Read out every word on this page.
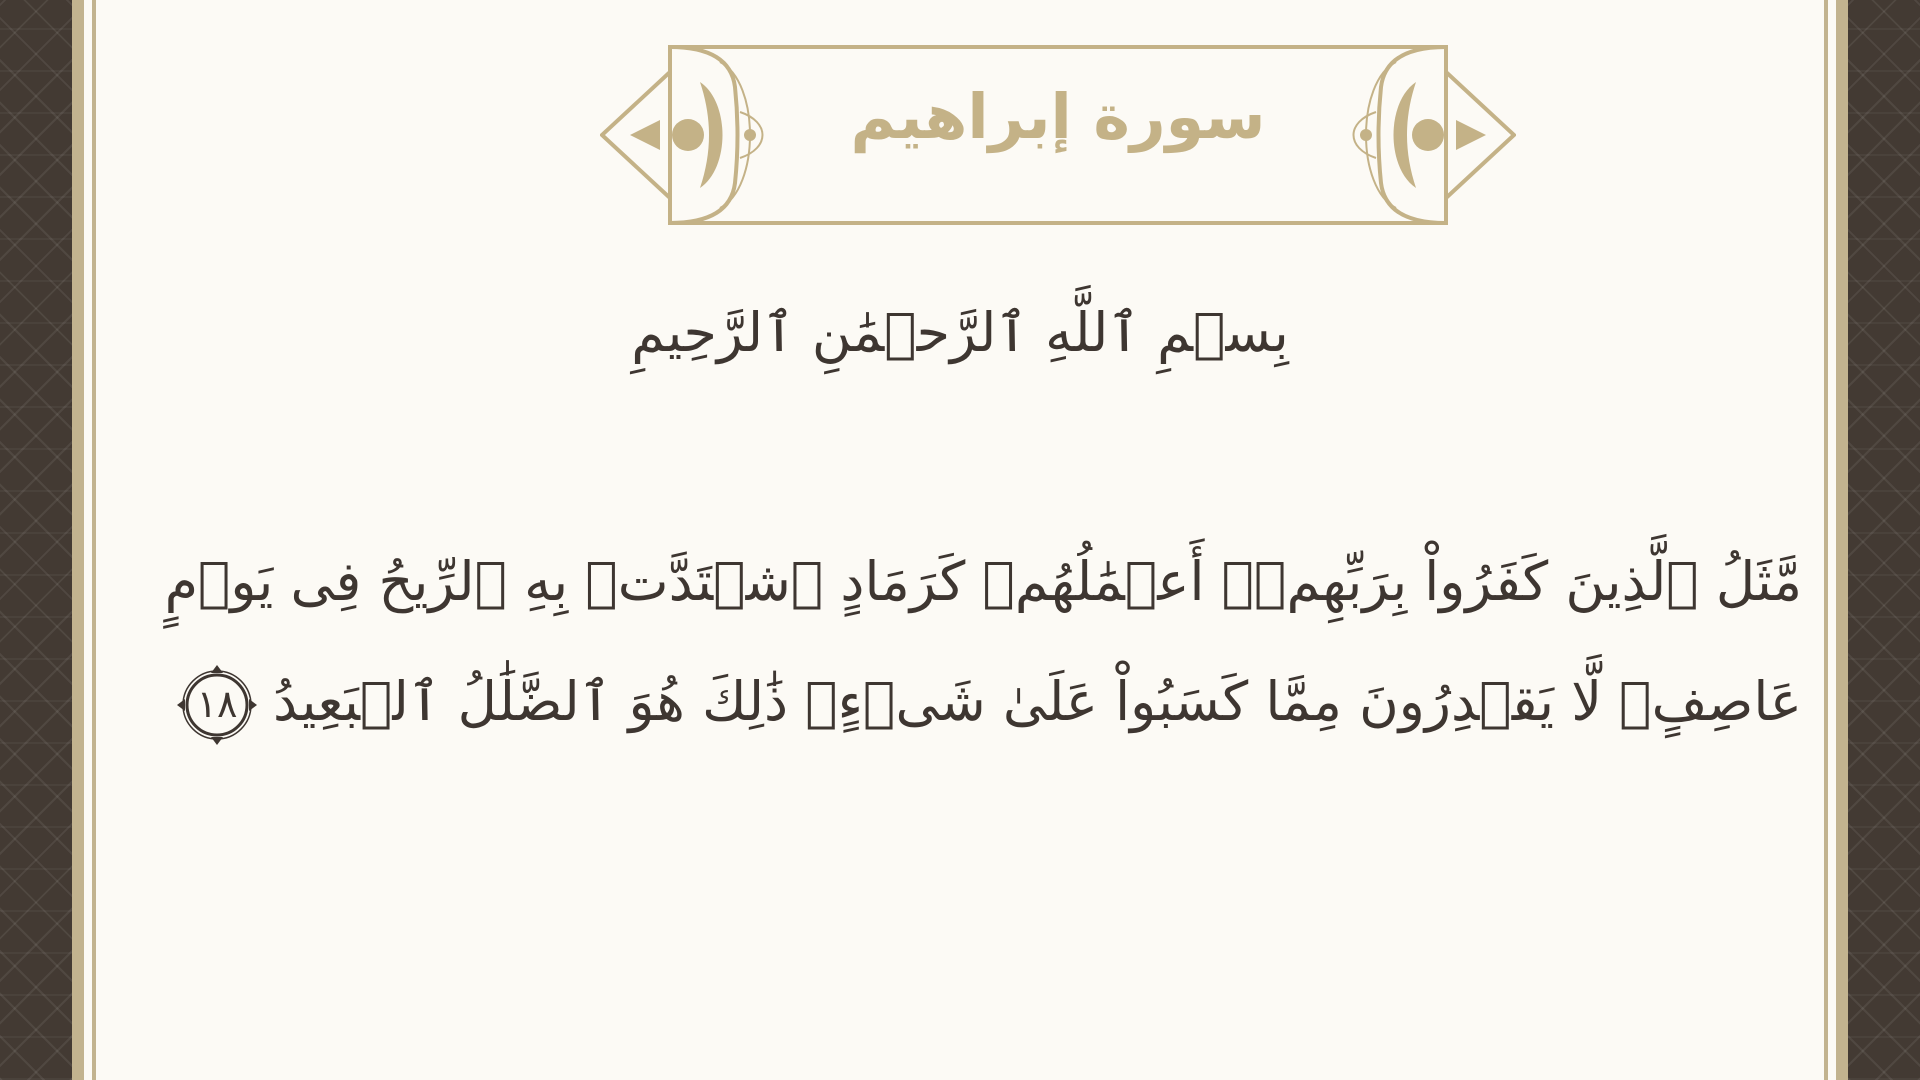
سورة إبراهيم
بِسۡمِ ٱللَّهِ ٱلرَّحۡمَٰنِ ٱلرَّحِيمِ
مَّثَلُ ٱلَّذِينَ كَفَرُواْ بِرَبِّهِمۡۖ أَعۡمَٰلُهُمۡ كَرَمَادٍ ٱشۡتَدَّتۡ بِهِ ٱلرِّيحُ فِى يَوۡمٍ
عَاصِفٍۖ لَّا يَقۡدِرُونَ مِمَّا كَسَبُواْ عَلَىٰ شَىۡءٍۚ ذَٰلِكَ هُوَ ٱلضَّلَٰلُ ٱلۡبَعِيدُ
١٨
